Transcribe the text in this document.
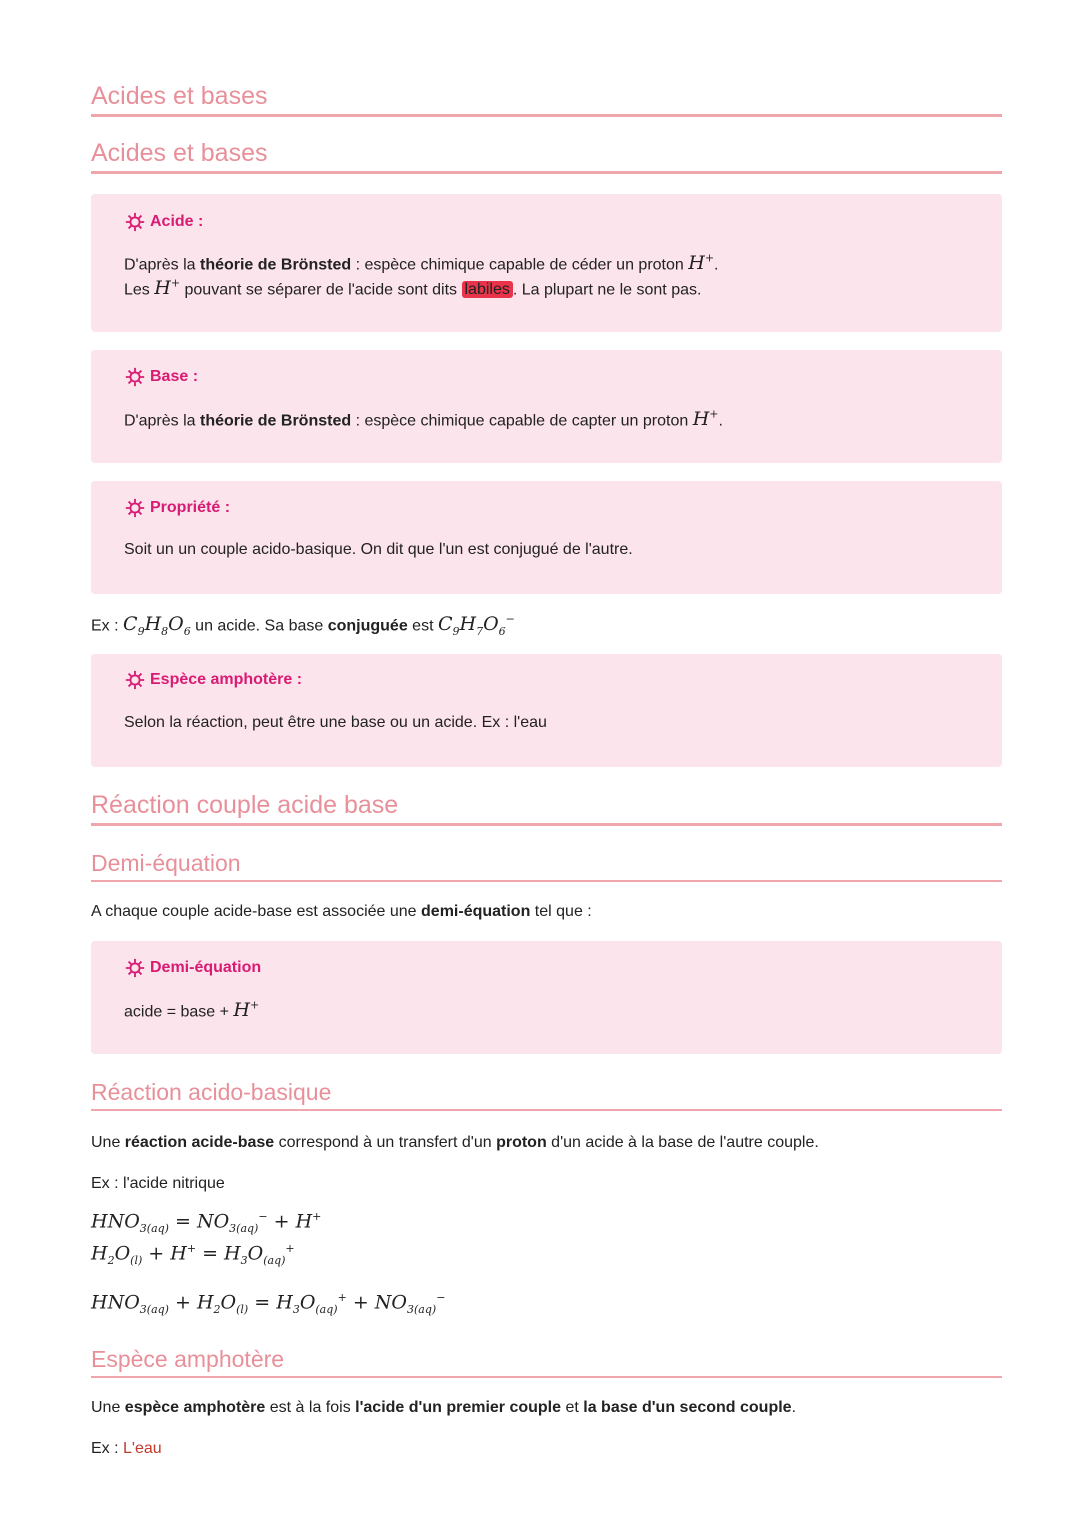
Acides et bases
Acides et bases
Acide :
D'après la théorie de Brönsted : espèce chimique capable de céder un proton H+.
Les H+ pouvant se séparer de l'acide sont dits labiles . La plupart ne le sont pas.
Base :
D'après la théorie de Brönsted : espèce chimique capable de capter un proton H+.
Propriété :
Soit un un couple acido-basique. On dit que l'un est conjugué de l'autre.
Ex : $C_9H_8O_6$ un acide. Sa base conjuguée est $C_9H_7O_6^-$
Espèce amphotère :
Selon la réaction, peut être une base ou un acide. Ex : l'eau
Réaction couple acide base
Demi-équation
A chaque couple acide-base est associée une demi-équation tel que :
Demi-équation
acide = base + H+
Réaction acido-basique
Une réaction acide-base correspond à un transfert d'un proton d'un acide à la base de l'autre couple.
Ex : l'acide nitrique
$HNO_{3(aq)} = NO_{3(aq)}^- + H^+$
$H_2O_{(l)} + H^+ = H_3O_{(aq)}^+$
$HNO_{3(aq)} + H_2O_{(l)} = H_3O_{(aq)}^+ + NO_{3(aq)}^-$
Espèce amphotère
Une espèce amphotère est à la fois l'acide d'un premier couple et la base d'un second couple.
Ex : L'eau
